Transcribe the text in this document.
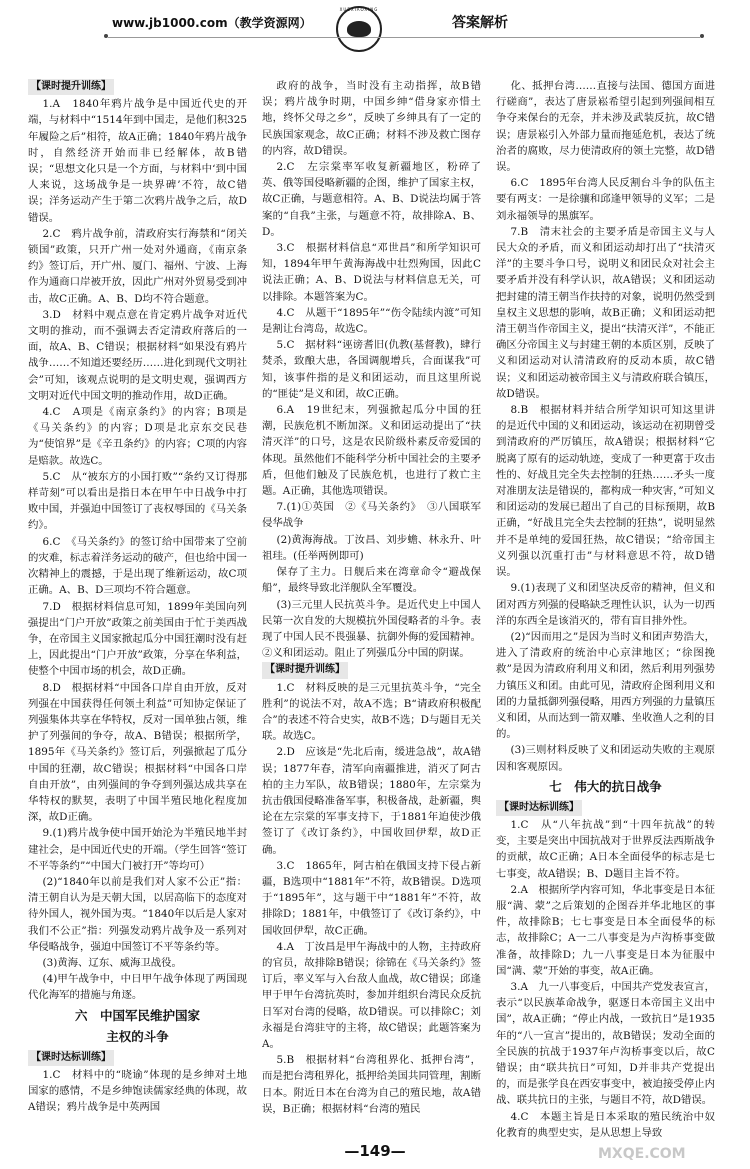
www.jb1000.com（教学资源网）
XUEXIAOXING
答案解析
【课时提升训练】

1.A　1840年鸦片战争是中国近代史的开端，与材料中“1514年到中国走，是他们积325年履险之后”相符，故A正确；1840年鸦片战争时，自然经济开始而非已经解体，故B错误；“思想文化只是一个方面，与材料中‘到中国人来说，这场战争是一块界碑’不符，故C错误；洋务运动产生于第二次鸦片战争之后，故D错误。

2.C　鸦片战争前，清政府实行海禁和“闭关锁国”政策，只开广州一处对外通商，《南京条约》签订后，开广州、厦门、福州、宁波、上海作为通商口岸被开放，因此广州对外贸易受到冲击，故C正确。A、B、D均不符合题意。

3.D　材料中观点意在肯定鸦片战争对近代文明的推动，而不强调去否定清政府落后的一面，故A、B、C错误；根据材料“如果没有鸦片战争……不知道还要经历……进化到现代文明社会”可知，该观点说明的是文明史观，强调西方文明对近代中国文明的推动作用，故D正确。

4.C　A项是《南京条约》的内容；B项是《马关条约》的内容；D项是北京东交民巷为“使馆界”是《辛丑条约》的内容；C项的内容是赔款。故选C。

5.C　从“被东方的小国打败”“条约又订得那样苛刻”可以看出是指日本在甲午中日战争中打败中国，并强迫中国签订了丧权辱国的《马关条约》。

6.C　《马关条约》的签订给中国带来了空前的灾难，标志着洋务运动的破产，但也给中国一次精神上的震撼，于是出现了维新运动，故C项正确。A、B、D三项均不符合题意。

7.D　根据材料信息可知，1899年美国向列强提出“门户开放”政策之前美国由于忙于美西战争，在帝国主义国家掀起瓜分中国狂潮时没有赶上，因此提出“门户开放”政策，分享在华利益，使整个中国市场的机会，故D正确。

8.D　根据材料“中国各口岸自由开放，反对列强在中国获得任何领土利益”可知协定保证了列强集体共享在华特权，反对一国单独占领，维护了列强间的争夺，故A、B错误；根据所学，1895年《马关条约》签订后，列强掀起了瓜分中国的狂潮，故C错误；根据材料“中国各口岸自由开放”，由列强间的争夺到列强达成共享在华特权的默契，表明了中国半殖民地化程度加深，故D正确。

9.(1)鸦片战争使中国开始沦为半殖民地半封建社会，是中国近代史的开端。（学生回答“签订不平等条约”“中国大门被打开”等均可）

(2)“1840年以前是我们对人家不公正”指：清王朝自认为是天朝大国，以居高临下的态度对待外国人，视外国为夷。“1840年以后是人家对我们不公正”指：列强发动鸦片战争及一系列对华侵略战争，强迫中国签订不平等条约等。

(3)黄海、辽东、威海卫战役。

(4)甲午战争中，中日甲午战争体现了两国现代化海军的措施与角逐。

六　中国军民维护国家
主权的斗争
【课时达标训练】

1.C　材料中的“晓谕”体现的是乡绅对土地国家的感情，不是乡绅饱读儒家经典的体现，故A错误；鸦片战争是中英两国

政府的战争，当时没有主动指挥，故B错误；鸦片战争时期，中国乡绅“借身家亦惜土地，终怀父母之乡”，反映了乡绅具有了一定的民族国家观念，故C正确；材料不涉及救亡图存的内容，故D错误。

2.C　左宗棠率军收复新疆地区，粉碎了英、俄等国侵略新疆的企图，维护了国家主权，故C正确，与题意相符。A、B、D说法均属于答案的“自我”主张，与题意不符，故排除A、B、D。

3.C　根据材料信息“邓世昌”和所学知识可知，1894年甲午黄海海战中壮烈殉国，因此C说法正确；A、B、D说法与材料信息无关，可以排除。本题答案为C。

4.C　从题干“1895年”“伤令陆续内渡”可知是割让台湾岛，故选C。

5.C　据材料“诬谤耆旧(仇教(基督教)，肆行焚杀，致酿大患，各国调舰增兵，合面谋我”可知，该事件指的是义和团运动，而且这里所说的“匪徒”是义和团，故C正确。

6.A　19世纪末，列强掀起瓜分中国的狂潮，民族危机不断加深。义和团运动提出了“扶清灭洋”的口号，这是农民阶级朴素反帝爱国的体现。虽然他们不能科学分析中国社会的主要矛盾，但他们触及了民族危机，也进行了救亡主题。A正确，其他选项错误。

7.(1)①英国　②《马关条约》　③八国联军侵华战争

(2)黄海海战。丁汝昌、刘步蟾、林永升、叶祖珪。(任举两例即可)

保存了主力。日舰后来在湾章命令“避战保船”，最终导致北洋舰队全军覆没。

(3)三元里人民抗英斗争。是近代史上中国人民第一次自发的大规模抗外国侵略者的斗争。表现了中国人民不畏强暴、抗御外侮的爱国精神。②义和团运动。阻止了列强瓜分中国的阴谋。

【课时提升训练】

1.C　材料反映的是三元里抗英斗争，“完全胜利”的说法不对，故A不选；B“请政府积极配合”的表述不符合史实，故B不选；D与题目无关联。故选C。

2.D　应该是“先北后南，缓进急战”，故A错误；1877年春，清军向南疆推进，消灭了阿古柏的主力军队，故B错误；1880年，左宗棠为抗击俄国侵略准备军事，积极备战，赴新疆，舆论在左宗棠的军事支持下，于1881年迫使沙俄签订了《改订条约》，中国收回伊犁，故D正确。

3.C　1865年，阿古柏在俄国支持下侵占新疆，B选项中“1881年”不符，故B错误。D选项于“1895年”，这与题干中“1881年”不符，故排除D；1881年，中俄签订了《改订条约》，中国收回伊犁，故C正确。

4.A　丁汝昌是甲午海战中的人物，主持政府的官员，故排除B错误；徐锦在《马关条约》签订后，率义军与入台敌人血战，故C错误；邱逢甲于甲午台湾抗英时，参加并组织台湾民众反抗日军对台湾的侵略，故D错误。可以排除C；刘永福是台湾驻守的主将，故C错误；此题答案为A。

5.B　根据材料“台湾租界化、抵押台湾”，而是把台湾租界化，抵押给美国共同管理，割断日本。附近日本在台湾为自己的殖民地，故A错误，B正确；根据材料“台湾的殖民

化、抵押台湾……直接与法国、德国方面进行磋商”，表达了唐景崧希望引起到列强间相互争夺来保台的无奈，并未涉及武装反抗，故C错误；唐景崧引入外部力量而拖延危机，表达了统治者的腐败，尽力使清政府的领土完整，故D错误。

6.C　1895年台湾人民反割台斗争的队伍主要有两支：一是徐骧和邱逢甲领导的义军；二是刘永福领导的黑旗军。

7.B　清末社会的主要矛盾是帝国主义与人民大众的矛盾，而义和团运动却打出了“扶清灭洋”的主要斗争口号，说明义和团民众对社会主要矛盾并没有科学认识，故A错误；义和团运动把封建的清王朝当作扶持的对象，说明仍然受到皇权主义思想的影响，故B正确；义和团运动把清王朝当作帝国主义，提出“扶清灭洋”，不能正确区分帝国主义与封建王朝的本质区别，反映了义和团运动对认清清政府的反动本质，故C错误；义和团运动被帝国主义与清政府联合镇压，故D错误。

8.B　根据材料并结合所学知识可知这里讲的是近代中国的义和团运动，该运动在初期曾受到清政府的严厉镇压，故A错误；根据材料“它脱离了原有的运动轨迹，变成了一种更富于攻击性的、好战且完全失去控制的狂热……矛头一度对准朋友法是错误的，都构成一种灾害，”可知义和团运动的发展已超出了自己的目标预期，故B正确，“好战且完全失去控制的狂热”，说明显然并不是单纯的爱国狂热，故C错误；“给帝国主义列强以沉重打击”与材料意思不符，故D错误。

9.(1)表现了义和团坚决反帝的精神，但义和团对西方列强的侵略缺乏理性认识，认为一切西洋的东西全是该消灭的，带有盲目排外性。

(2)“因而用之”是因为当时义和团声势浩大，进入了清政府的统治中心京津地区；“徐图挽救”是因为清政府利用义和团，然后利用列强势力镇压义和团。由此可见，清政府企图利用义和团的力量抵御列强侵略，用西方列强的力量镇压义和团，从而达到一箭双雕、坐收渔人之利的目的。

(3)三则材料反映了义和团运动失败的主观原因和客观原因。

七　伟大的抗日战争
【课时达标训练】

1.C　从“八年抗战”到“十四年抗战”的转变，主要是突出中国抗战对于世界反法西斯战争的贡献，故C正确；A日本全面侵华的标志是七七事变，故A错误；B、D题目主旨不符。

2.A　根据所学内容可知，华北事变是日本征服“满、蒙”之后策划的企图吞并华北地区的事件，故排除B；七七事变是日本全面侵华的标志，故排除C；A一二八事变是为卢沟桥事变做准备，故排除D；九一八事变是日本为征服中国“满、蒙”开始的事变，故A正确。

3.A　九一八事变后，中国共产党发表宣言，表示“以民族革命战争，驱逐日本帝国主义出中国”，故A正确；“停止内战，一致抗日”是1935年的“八一宣言”提出的，故B错误；发动全面的全民族的抗战于1937年卢沟桥事变以后，故C错误；由“联共抗日”可知，D并非共产党提出的，而是张学良在西安事变中，被迫接受停止内战、联共抗日的主张，与题目不符，故D错误。

4.C　本题主旨是日本采取的殖民统治中奴化教育的典型史实，是从思想上导致

—149—	MXQE.COM
